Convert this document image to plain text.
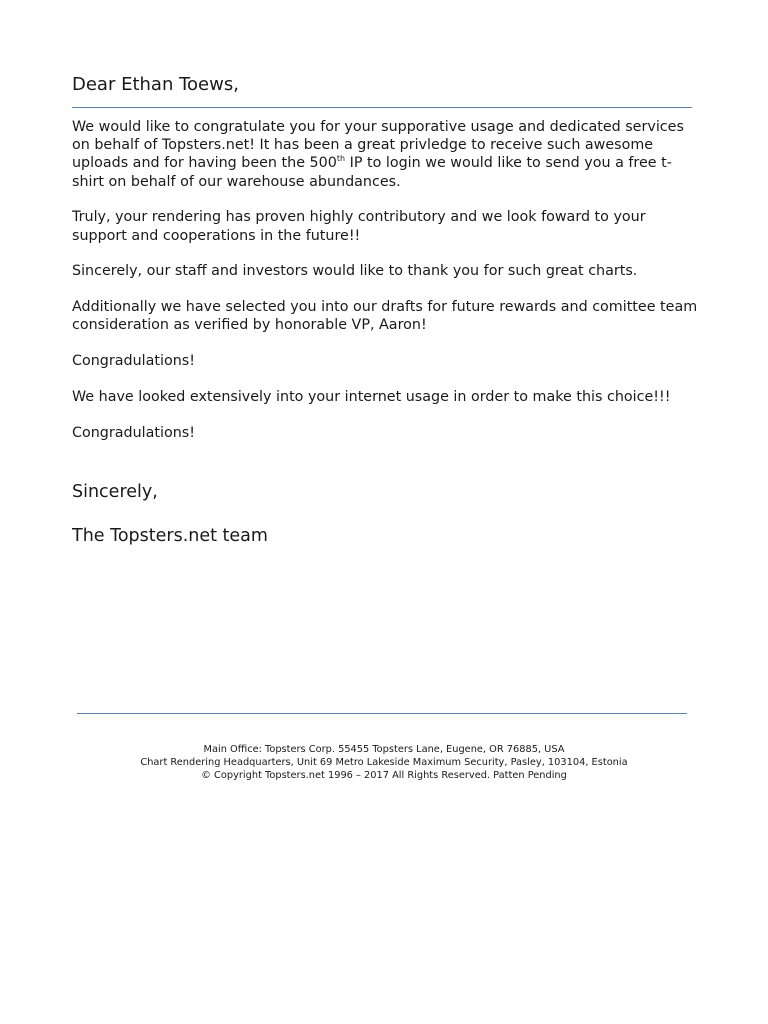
Dear Ethan Toews,

We would like to congratulate you for your supporative usage and dedicated services on behalf of Topsters.net! It has been a great privledge to receive such awesome uploads and for having been the 500th IP to login we would like to send you a free t-shirt on behalf of our warehouse abundances.

Truly, your rendering has proven highly contributory and we look foward to your support and cooperations in the future!!

Sincerely, our staff and investors would like to thank you for such great charts.

Additionally we have selected you into our drafts for future rewards and comittee team consideration as verified by honorable VP, Aaron!

Congradulations!

We have looked extensively into your internet usage in order to make this choice!!!

Congradulations!

Sincerely,

The Topsters.net team

Main Office: Topsters Corp. 55455 Topsters Lane, Eugene, OR 76885, USA
Chart Rendering Headquarters, Unit 69 Metro Lakeside Maximum Security, Pasley, 103104, Estonia
© Copyright Topsters.net 1996 – 2017 All Rights Reserved. Patten Pending
